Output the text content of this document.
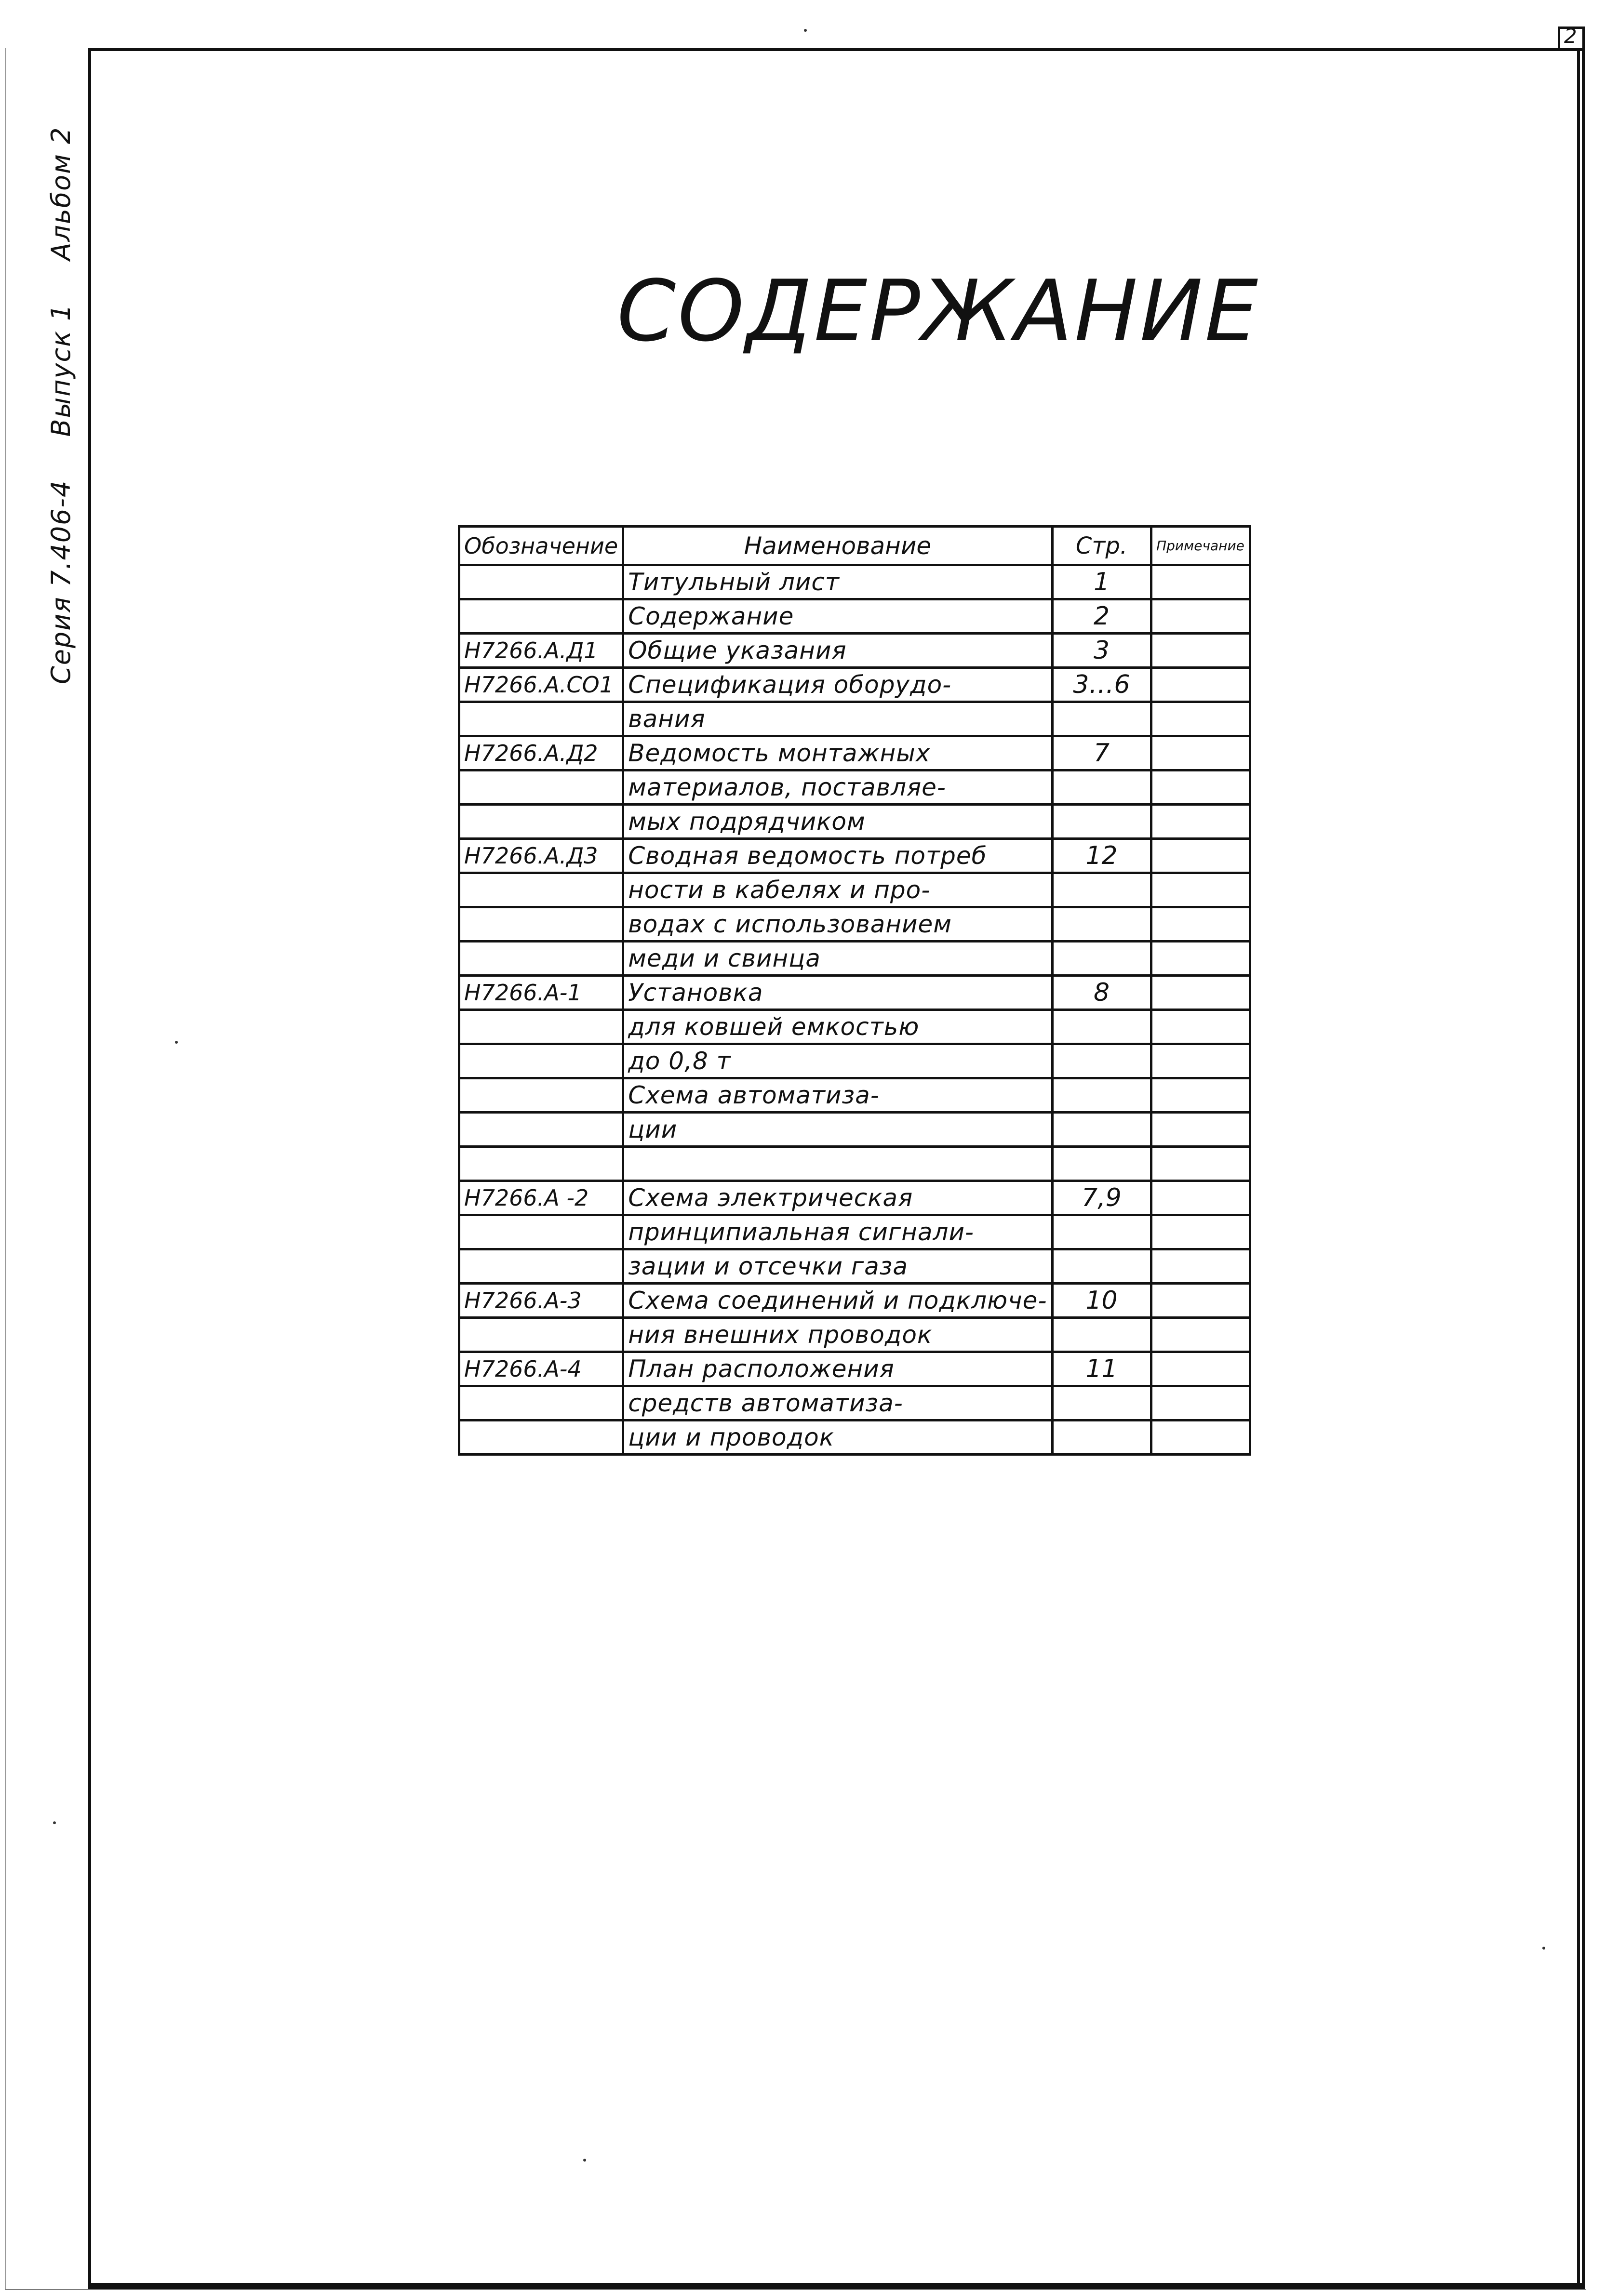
2
Серия 7.406-4 Выпуск 1 Альбом 2
СОДЕРЖАНИЕ
Обозначение	Наименование	Стр.	Примечание
	Титульный лист	1	
	Содержание	2	
Н7266.А.Д1	Общие указания	3	
Н7266.А.СО1	Спецификация оборудо-	3…6	
	вания		
Н7266.А.Д2	Ведомость монтажных	7	
	материалов, поставляе-		
	мых подрядчиком		
Н7266.А.Д3	Сводная ведомость потреб	12	
	ности в кабелях и про-		
	водах с использованием		
	меди и свинца		
Н7266.А-1	Установка	8	
	для ковшей емкостью		
	до 0,8 т		
	Схема автоматиза-		
	ции		

Н7266.А -2	Схема электрическая	7,9	
	принципиальная сигнали-		
	зации и отсечки газа		
Н7266.А-3	Схема соединений и подключе-	10	
	ния внешних проводок		
Н7266.А-4	План расположения	11	
	средств автоматиза-		
	ции и проводок		
